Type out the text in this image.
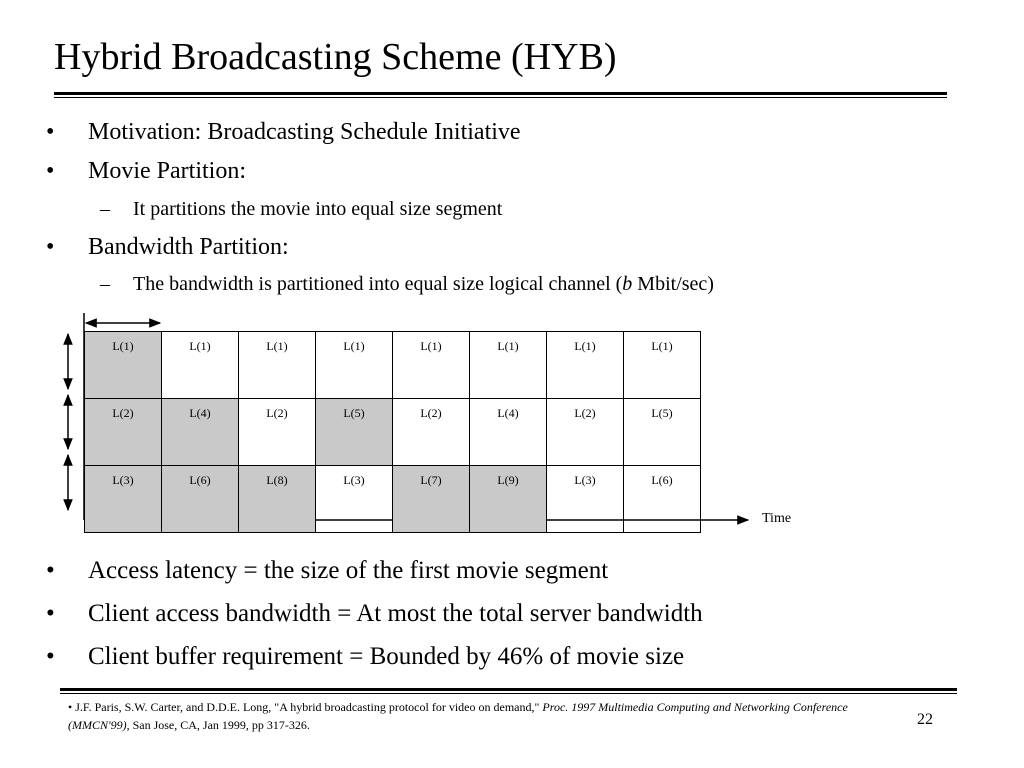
Hybrid Broadcasting Scheme (HYB)
• Motivation: Broadcasting Schedule Initiative
• Movie Partition:
– It partitions the movie into equal size segment
• Bandwidth Partition:
– The bandwidth is partitioned into equal size logical channel (b Mbit/sec)
L(1)	L(1)	L(1)	L(1)	L(1)	L(1)	L(1)	L(1)
L(2)	L(4)	L(2)	L(5)	L(2)	L(4)	L(2)	L(5)
L(3)	L(6)	L(8)	L(3)	L(7)	L(9)	L(3)	L(6)
Time
• Access latency = the size of the first movie segment
• Client access bandwidth = At most the total server bandwidth
• Client buffer requirement = Bounded by 46% of movie size
• J.F. Paris, S.W. Carter, and D.D.E. Long, "A hybrid broadcasting protocol for video on demand," Proc. 1997 Multimedia Computing and Networking Conference (MMCN'99), San Jose, CA, Jan 1999, pp 317-326.	22
